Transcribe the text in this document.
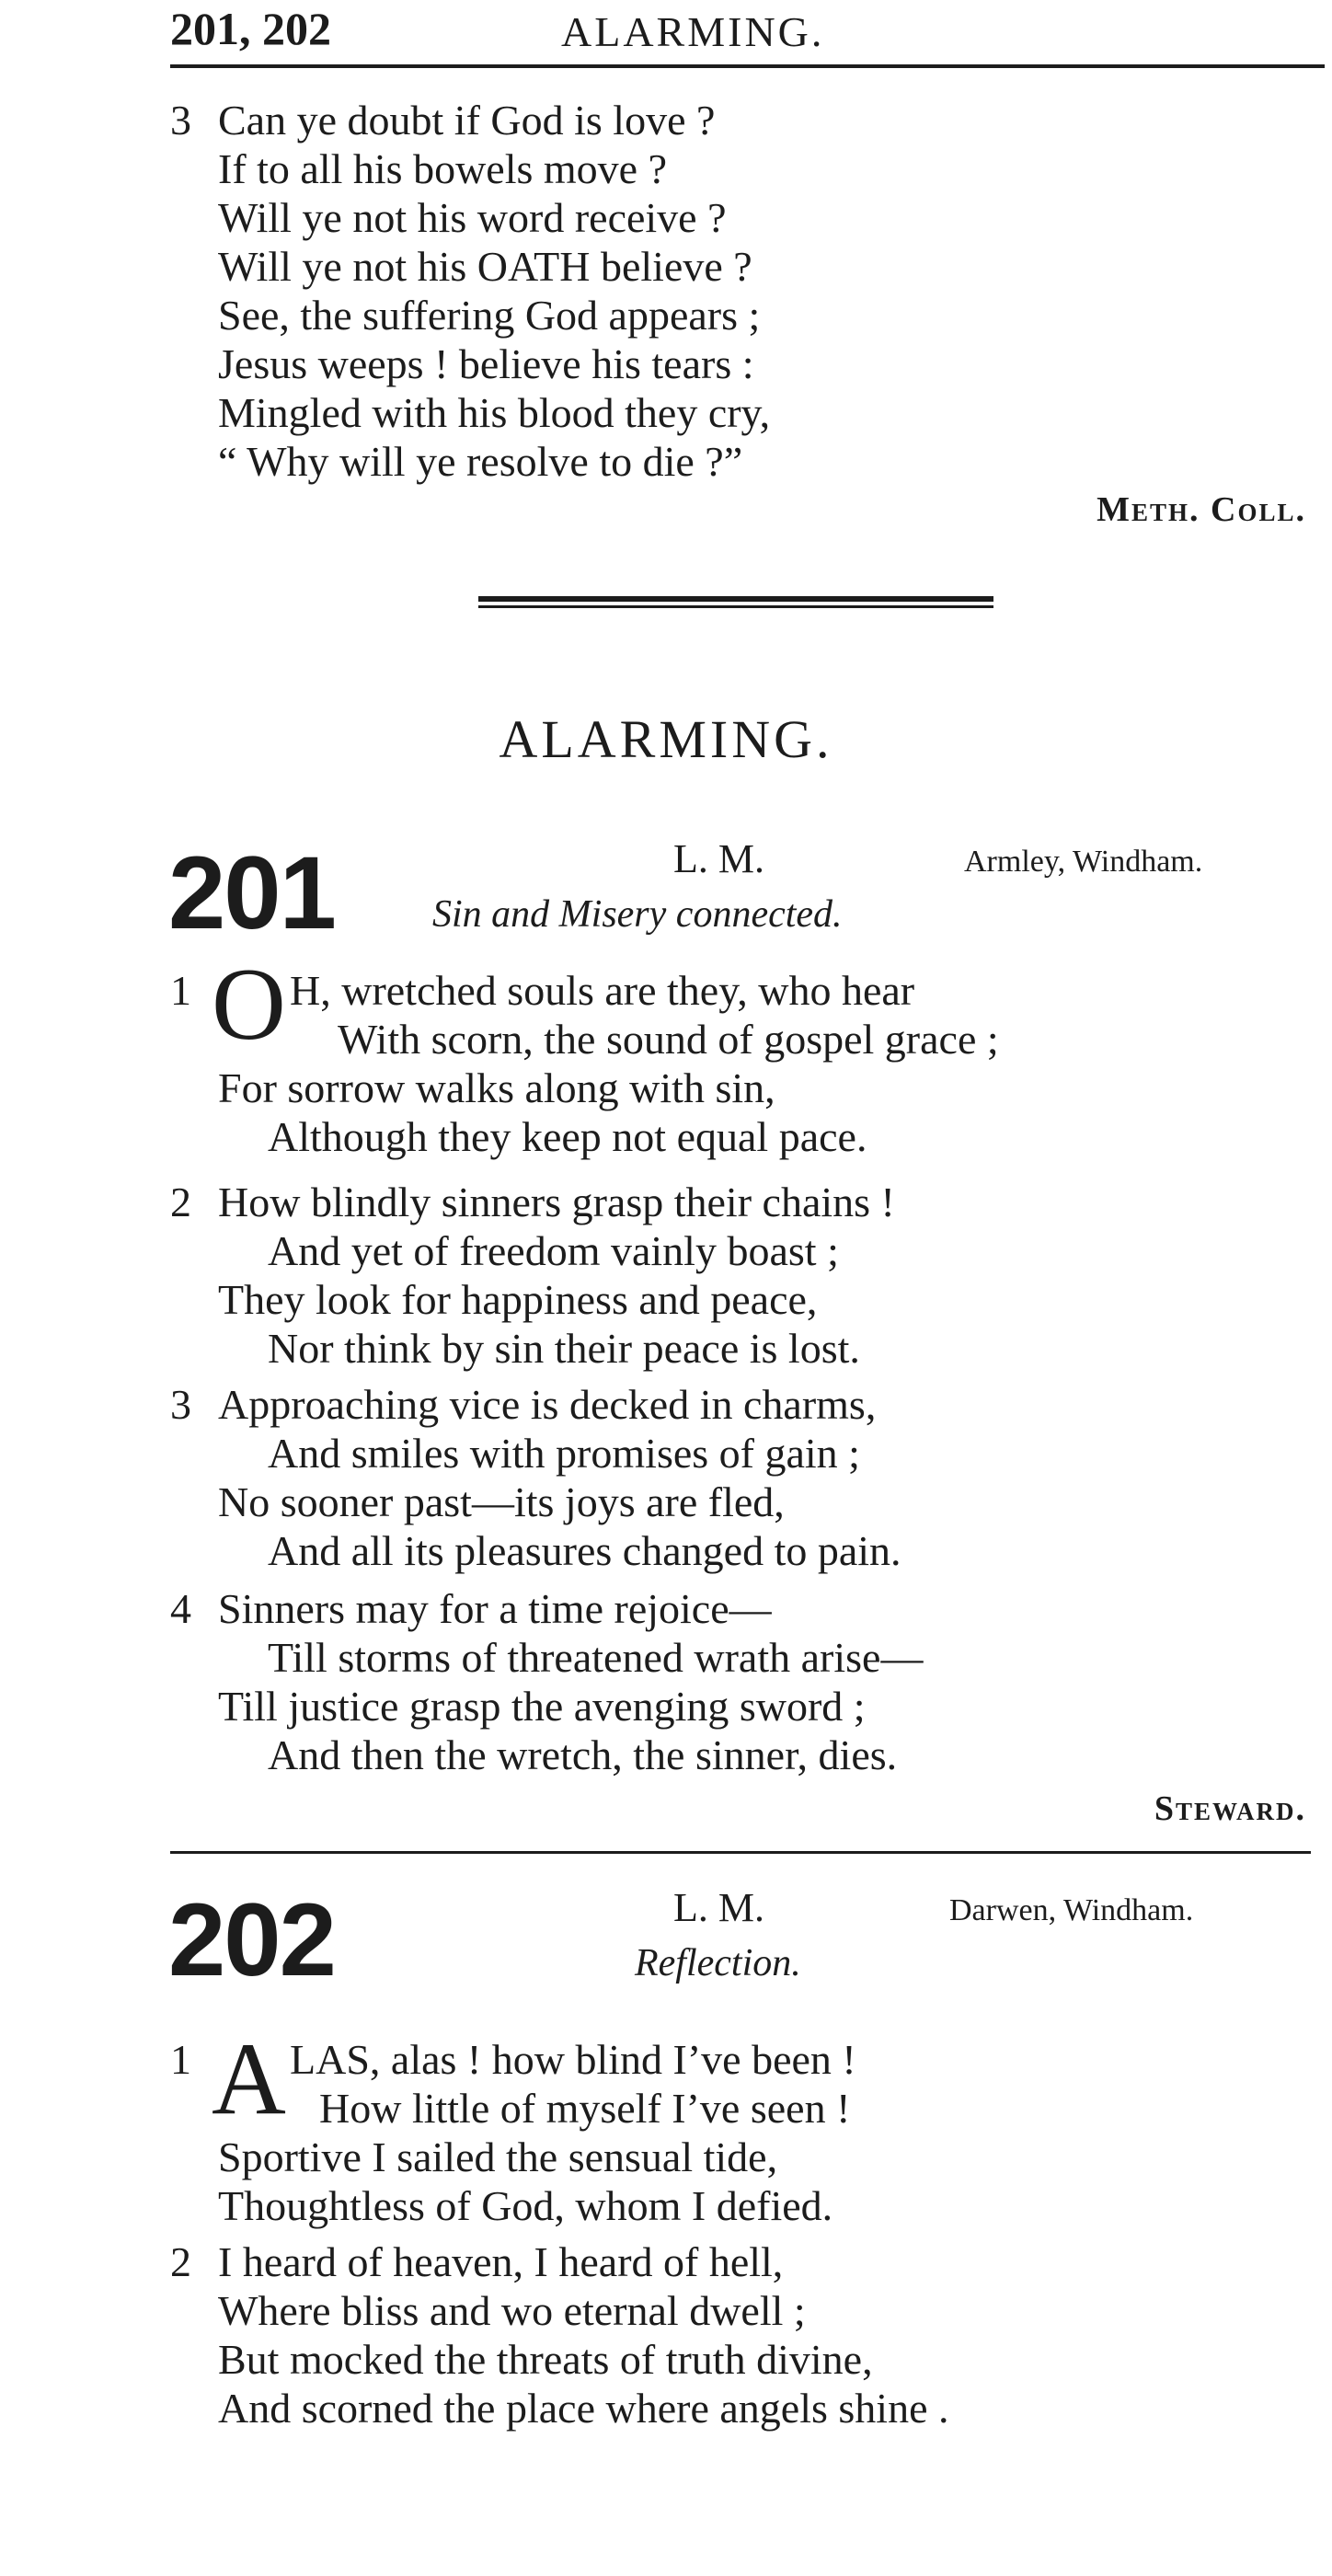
201, 202	ALARMING.
3 Can ye doubt if God is love ?
If to all his bowels move ?
Will ye not his word receive ?
Will ye not his OATH believe ?
See, the suffering God appears ;
Jesus weeps ! believe his tears :
Mingled with his blood they cry,
“ Why will ye resolve to die ?”
Meth. Coll.
ALARMING.
201	L. M.	Armley, Windham.
Sin and Misery connected.
O
1 H, wretched souls are they, who hear
With scorn, the sound of gospel grace ;
For sorrow walks along with sin,
Although they keep not equal pace.
2 How blindly sinners grasp their chains !
And yet of freedom vainly boast ;
They look for happiness and peace,
Nor think by sin their peace is lost.
3 Approaching vice is decked in charms,
And smiles with promises of gain ;
No sooner past—its joys are fled,
And all its pleasures changed to pain.
4 Sinners may for a time rejoice—
Till storms of threatened wrath arise—
Till justice grasp the avenging sword ;
And then the wretch, the sinner, dies.
Steward.
202	L. M.	Darwen, Windham.
Reflection.
A
1 LAS, alas ! how blind I’ve been !
How little of myself I’ve seen !
Sportive I sailed the sensual tide,
Thoughtless of God, whom I defied.
2 I heard of heaven, I heard of hell,
Where bliss and wo eternal dwell ;
But mocked the threats of truth divine,
And scorned the place where angels shine .
